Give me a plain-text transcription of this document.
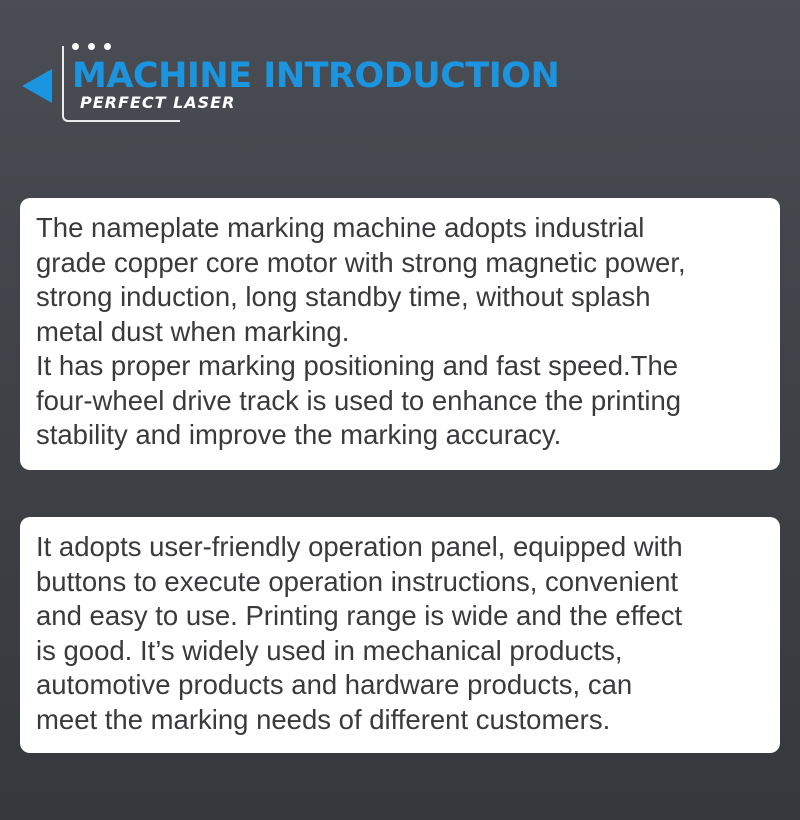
MACHINE INTRODUCTION
PERFECT LASER

The nameplate marking machine adopts industrial
grade copper core motor with strong magnetic power,
strong induction, long standby time, without splash
metal dust when marking.

It has proper marking positioning and fast speed.The
four-wheel drive track is used to enhance the printing
stability and improve the marking accuracy.

It adopts user-friendly operation panel, equipped with
buttons to execute operation instructions, convenient
and easy to use. Printing range is wide and the effect
is good. It’s widely used in mechanical products,
automotive products and hardware products, can
meet the marking needs of different customers.
